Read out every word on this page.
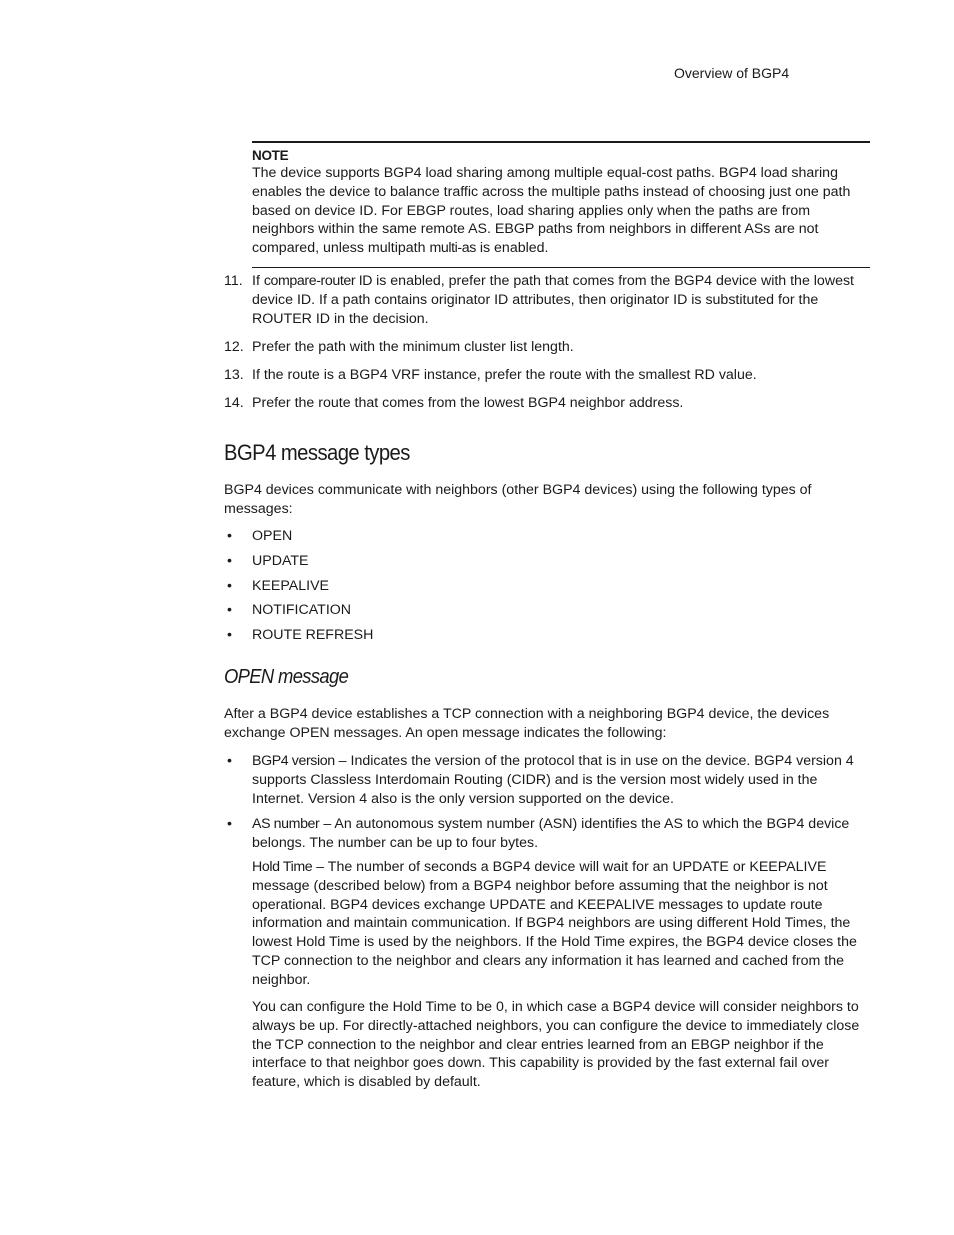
Overview of BGP4
NOTE
The device supports BGP4 load sharing among multiple equal-cost paths. BGP4 load sharing enables the device to balance traffic across the multiple paths instead of choosing just one path based on device ID. For EBGP routes, load sharing applies only when the paths are from neighbors within the same remote AS. EBGP paths from neighbors in different ASs are not compared, unless multipath multi-as is enabled.
11. If compare-router ID is enabled, prefer the path that comes from the BGP4 device with the lowest device ID. If a path contains originator ID attributes, then originator ID is substituted for the ROUTER ID in the decision.
12. Prefer the path with the minimum cluster list length.
13. If the route is a BGP4 VRF instance, prefer the route with the smallest RD value.
14. Prefer the route that comes from the lowest BGP4 neighbor address.
BGP4 message types

BGP4 devices communicate with neighbors (other BGP4 devices) using the following types of messages:

•	OPEN
•	UPDATE
•	KEEPALIVE
•	NOTIFICATION
•	ROUTE REFRESH
OPEN message

After a BGP4 device establishes a TCP connection with a neighboring BGP4 device, the devices exchange OPEN messages. An open message indicates the following:

•	BGP4 version – Indicates the version of the protocol that is in use on the device. BGP4 version 4 supports Classless Interdomain Routing (CIDR) and is the version most widely used in the Internet. Version 4 also is the only version supported on the device.
•	AS number – An autonomous system number (ASN) identifies the AS to which the BGP4 device belongs. The number can be up to four bytes.

Hold Time – The number of seconds a BGP4 device will wait for an UPDATE or KEEPALIVE message (described below) from a BGP4 neighbor before assuming that the neighbor is not operational. BGP4 devices exchange UPDATE and KEEPALIVE messages to update route information and maintain communication. If BGP4 neighbors are using different Hold Times, the lowest Hold Time is used by the neighbors. If the Hold Time expires, the BGP4 device closes the TCP connection to the neighbor and clears any information it has learned and cached from the neighbor.

You can configure the Hold Time to be 0, in which case a BGP4 device will consider neighbors to always be up. For directly-attached neighbors, you can configure the device to immediately close the TCP connection to the neighbor and clear entries learned from an EBGP neighbor if the interface to that neighbor goes down. This capability is provided by the fast external fail over feature, which is disabled by default.
